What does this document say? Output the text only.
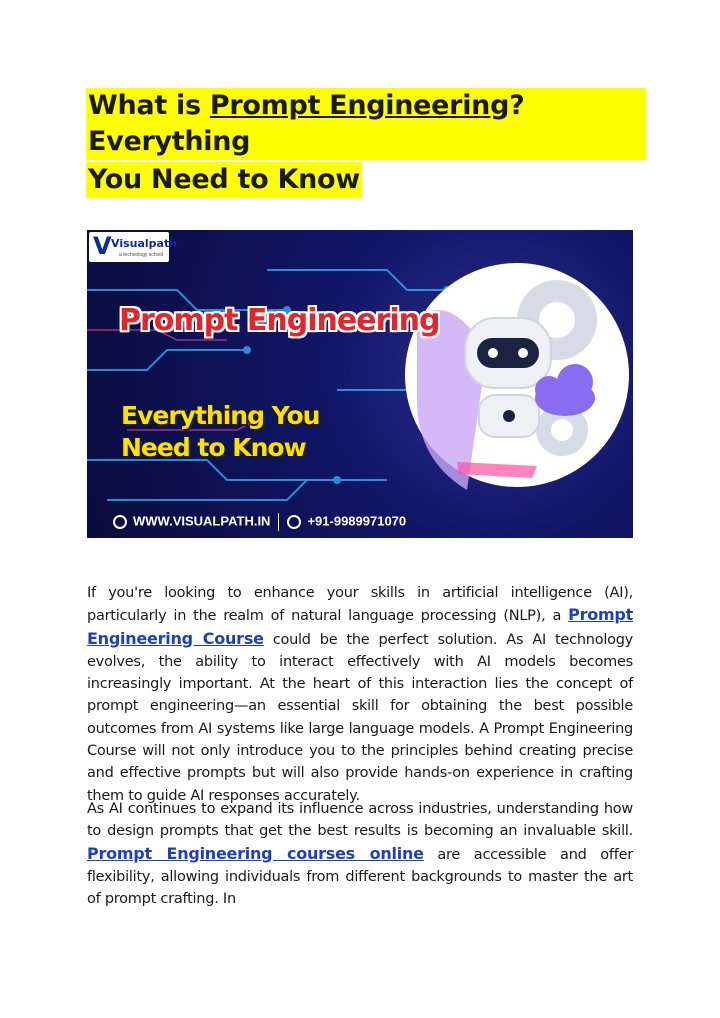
What is Prompt Engineering? Everything
You Need to Know
V Visualpath
a technology school
Prompt Engineering
Everything You
Need to Know
WWW.VISUALPATH.IN	+91-9989971070

If you're looking to enhance your skills in artificial intelligence (AI), particularly in the realm of natural language processing (NLP), a Prompt Engineering Course could be the perfect solution. As AI technology evolves, the ability to interact effectively with AI models becomes increasingly important. At the heart of this interaction lies the concept of prompt engineering—an essential skill for obtaining the best possible outcomes from AI systems like large language models. A Prompt Engineering Course will not only introduce you to the principles behind creating precise and effective prompts but will also provide hands-on experience in crafting them to guide AI responses accurately.

As AI continues to expand its influence across industries, understanding how to design prompts that get the best results is becoming an invaluable skill. Prompt Engineering courses online are accessible and offer flexibility, allowing individuals from different backgrounds to master the art of prompt crafting. In
